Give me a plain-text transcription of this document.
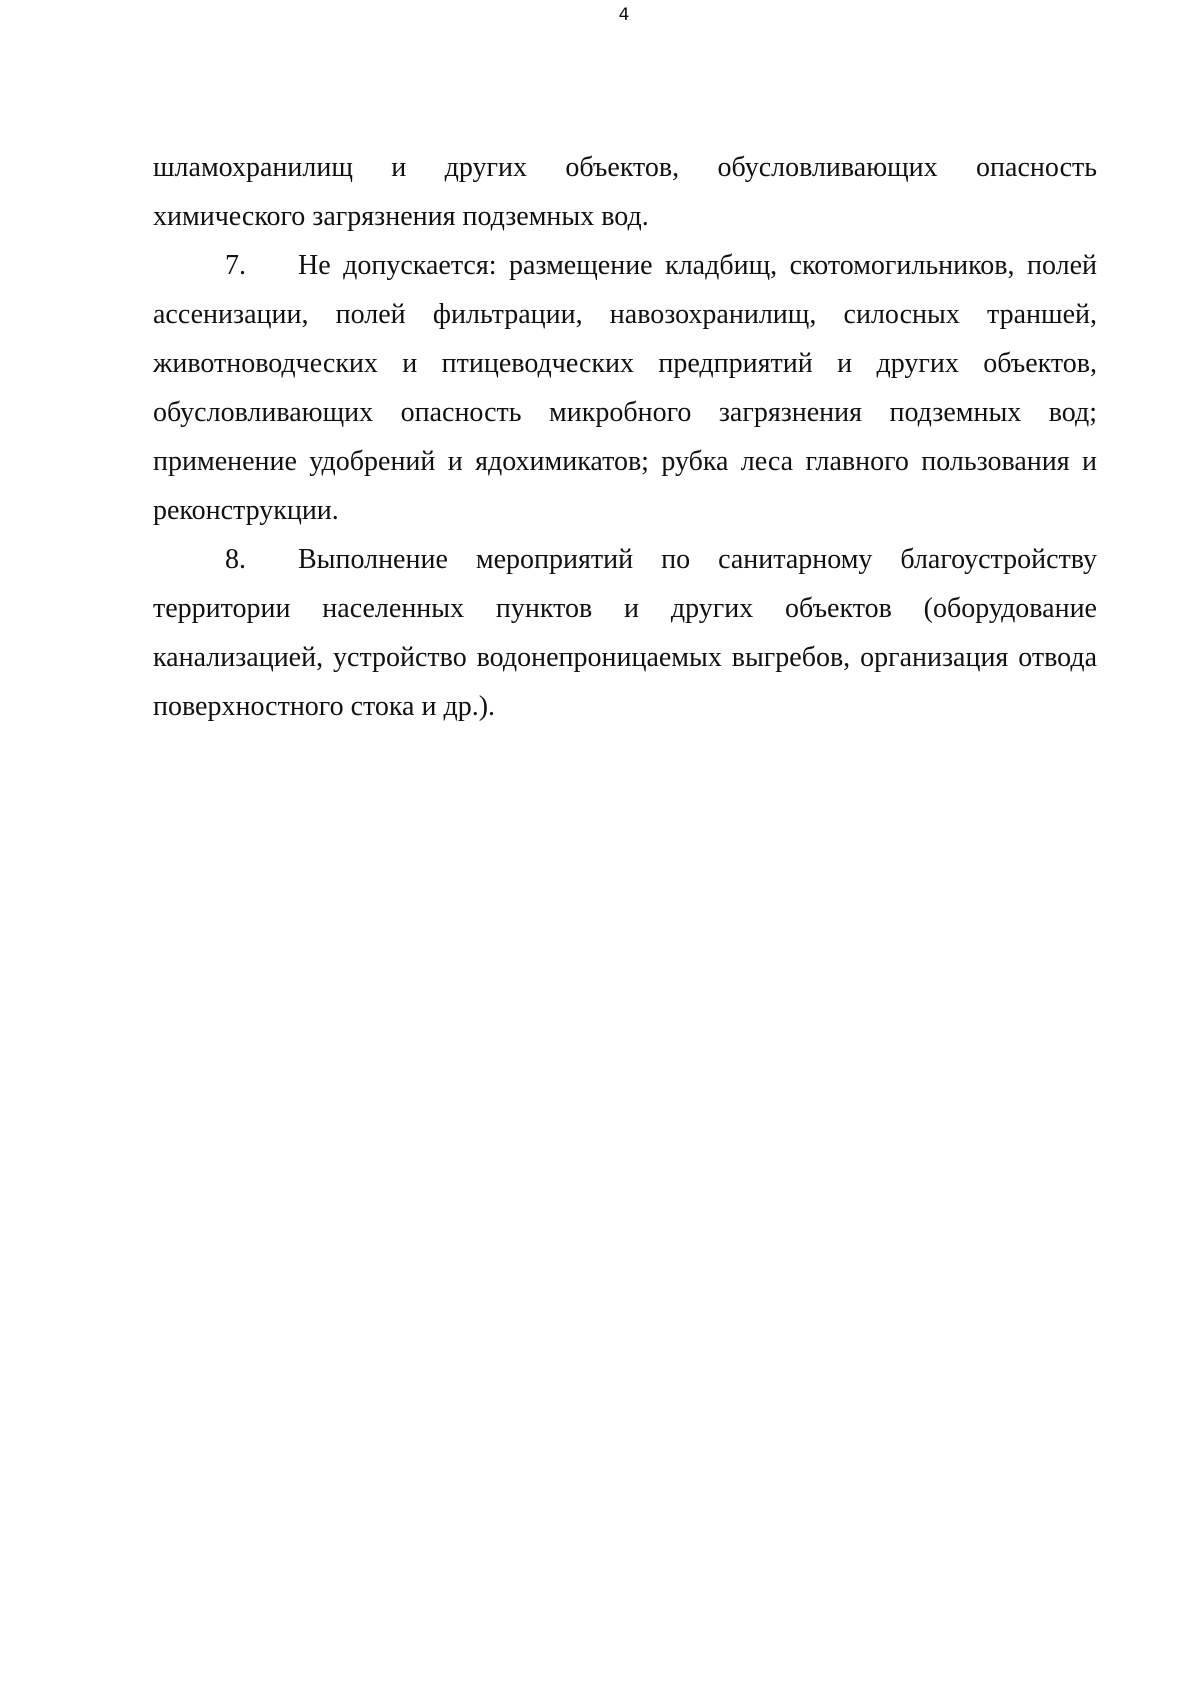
4

шламохранилищ и других объектов, обусловливающих опасность химического загрязнения подземных вод.

7. Не допускается: размещение кладбищ, скотомогильников, полей ассенизации, полей фильтрации, навозохранилищ, силосных траншей, животноводческих и птицеводческих предприятий и других объектов, обусловливающих опасность микробного загрязнения подземных вод; применение удобрений и ядохимикатов; рубка леса главного пользования и реконструкции.

8. Выполнение мероприятий по санитарному благоустройству территории населенных пунктов и других объектов (оборудование канализацией, устройство водонепроницаемых выгребов, организация отвода поверхностного стока и др.).
